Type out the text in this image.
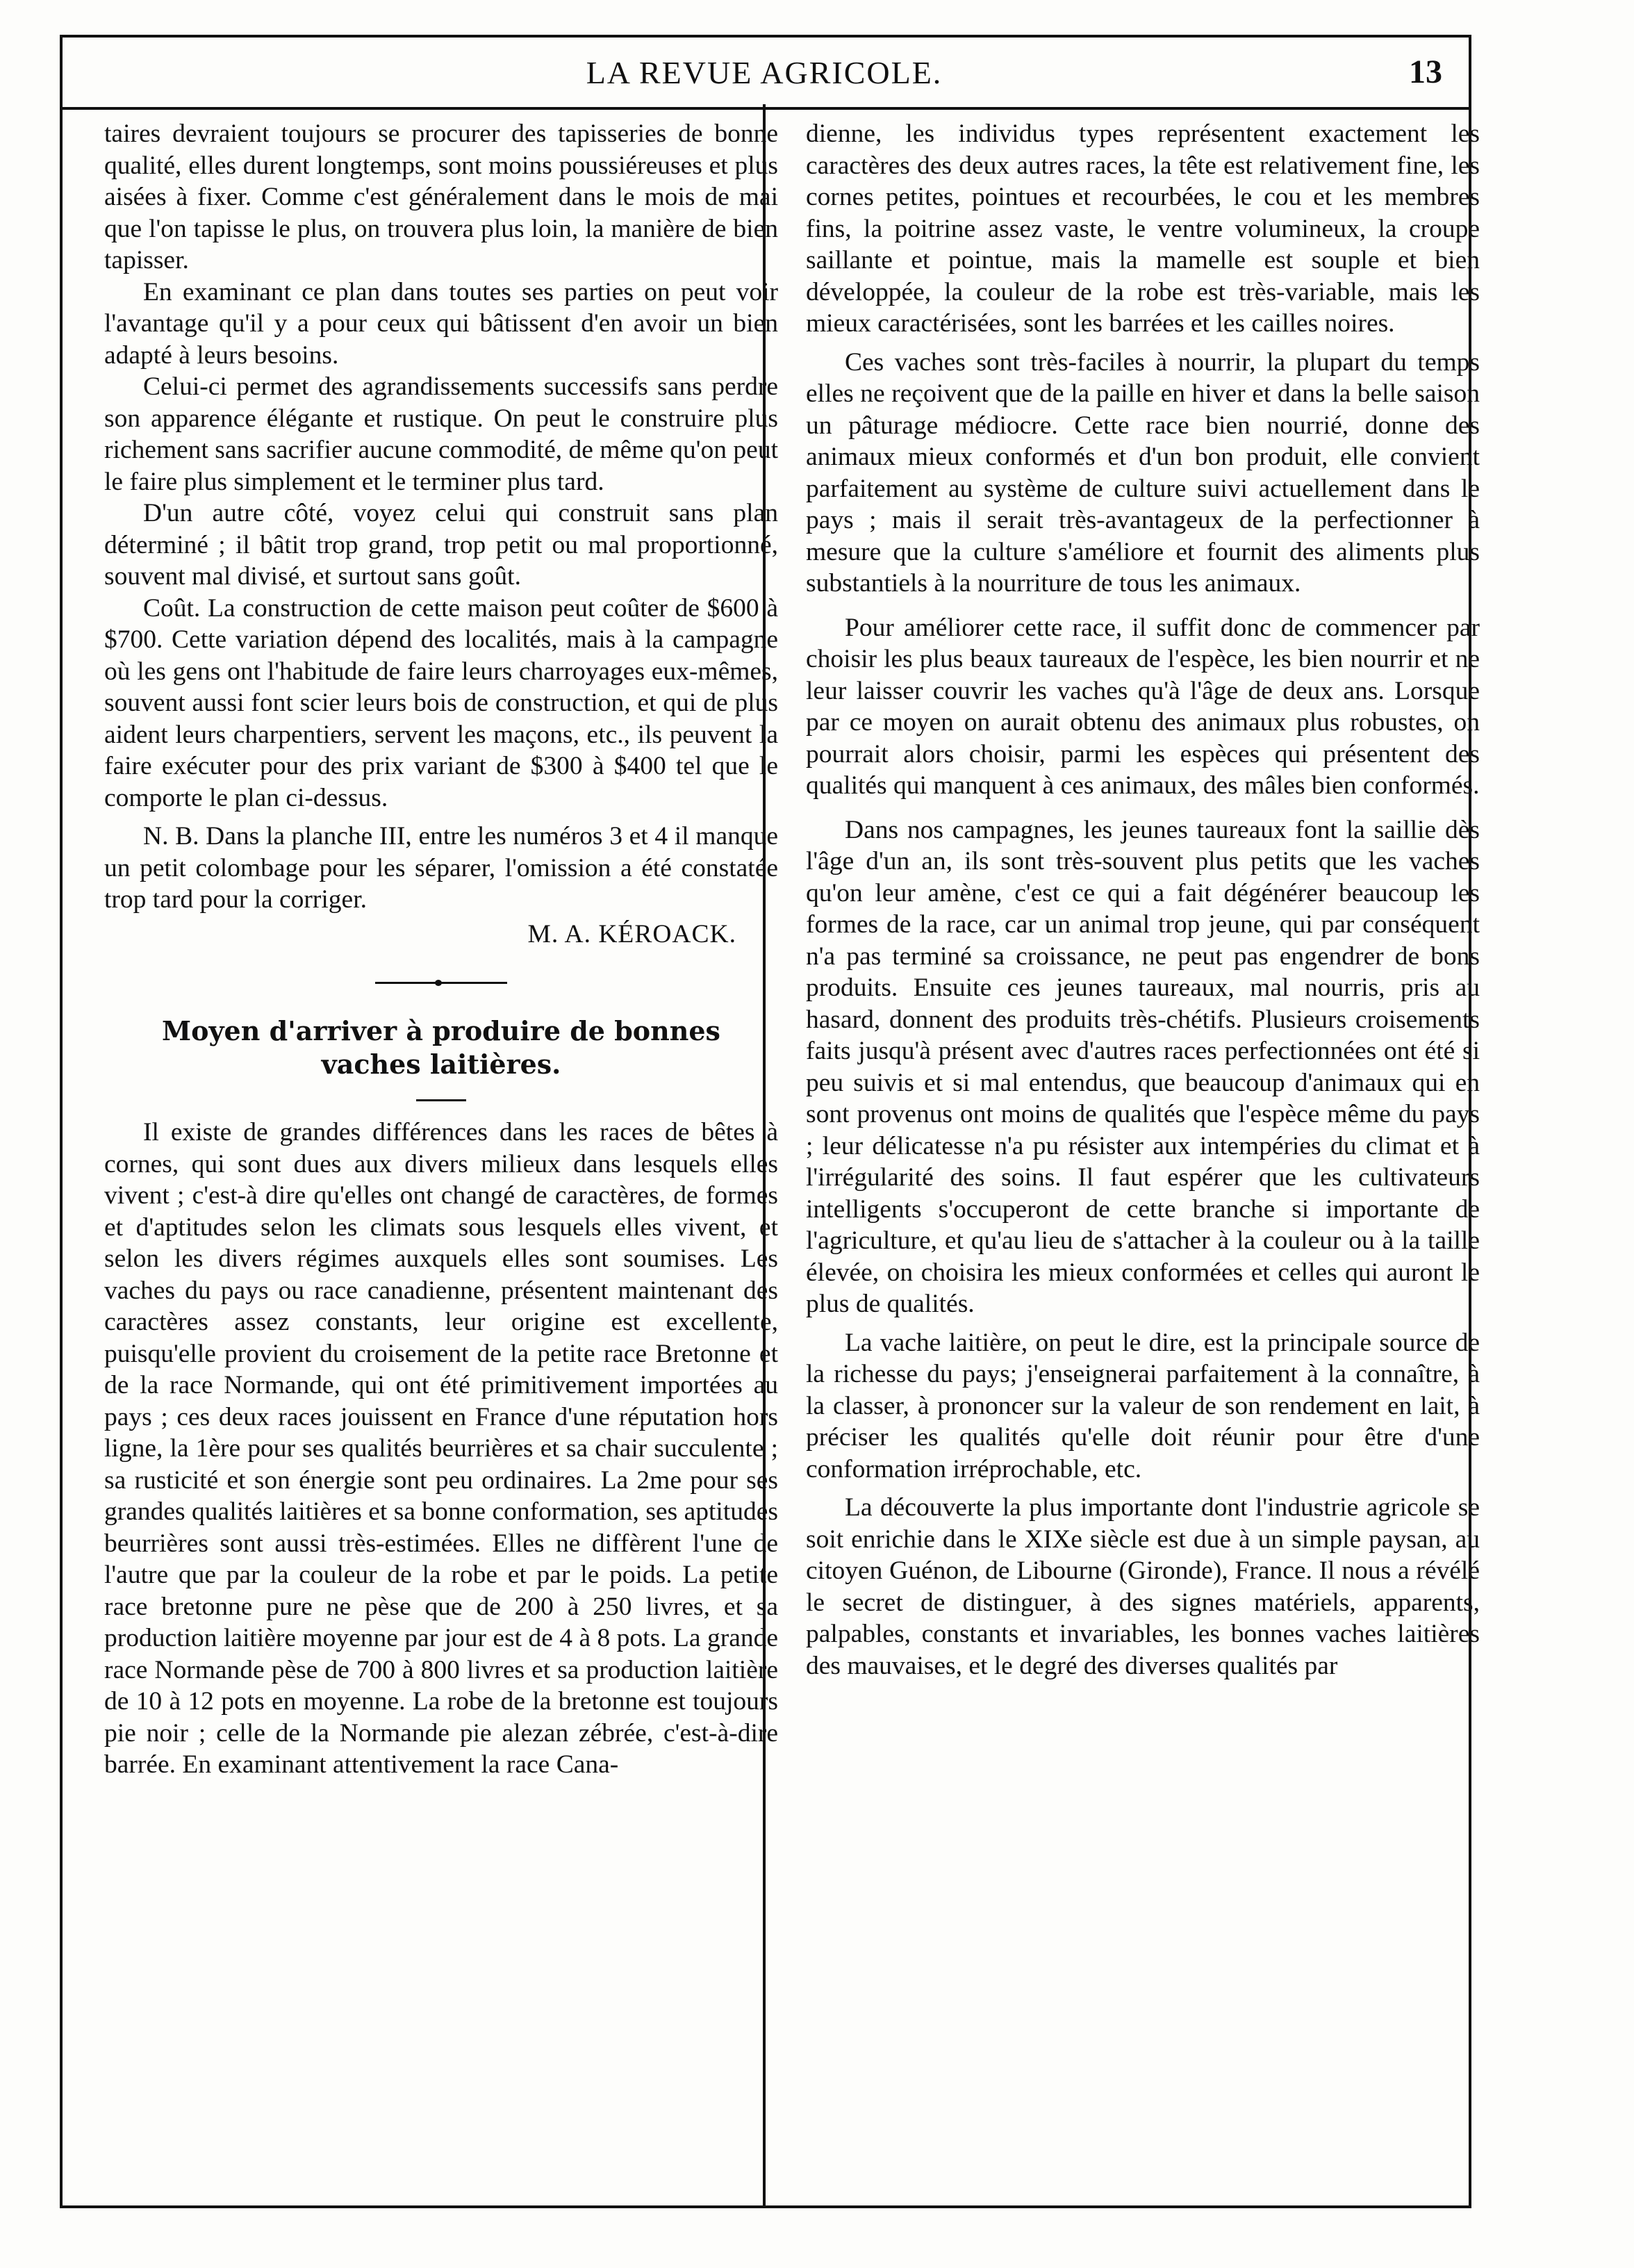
LA REVUE AGRICOLE.	13

taires devraient toujours se procurer des tapisseries de bonne qualité, elles durent longtemps, sont moins poussiéreuses et plus aisées à fixer. Comme c'est généralement dans le mois de mai que l'on tapisse le plus, on trouvera plus loin, la manière de bien tapisser.

En examinant ce plan dans toutes ses parties on peut voir l'avantage qu'il y a pour ceux qui bâtissent d'en avoir un bien adapté à leurs besoins.

Celui-ci permet des agrandissements successifs sans perdre son apparence élégante et rustique. On peut le construire plus richement sans sacrifier aucune commodité, de même qu'on peut le faire plus simplement et le terminer plus tard.

D'un autre côté, voyez celui qui construit sans plan déterminé ; il bâtit trop grand, trop petit ou mal proportionné, souvent mal divisé, et surtout sans goût.

Coût. La construction de cette maison peut coûter de $600 à $700. Cette variation dépend des localités, mais à la campagne où les gens ont l'habitude de faire leurs charroyages eux-mêmes, souvent aussi font scier leurs bois de construction, et qui de plus aident leurs charpentiers, servent les maçons, etc., ils peuvent la faire exécuter pour des prix variant de $300 à $400 tel que le comporte le plan ci-dessus.

N. B. Dans la planche III, entre les numéros 3 et 4 il manque un petit colombage pour les séparer, l'omission a été constatée trop tard pour la corriger.

M. A. KÉROACK.
Moyen d'arriver à produire de bonnes vaches laitières.

Il existe de grandes différences dans les races de bêtes à cornes, qui sont dues aux divers milieux dans lesquels elles vivent ; c'est-à dire qu'elles ont changé de caractères, de formes et d'aptitudes selon les climats sous lesquels elles vivent, et selon les divers régimes auxquels elles sont soumises. Les vaches du pays ou race canadienne, présentent maintenant des caractères assez constants, leur origine est excellente, puisqu'elle provient du croisement de la petite race Bretonne et de la race Normande, qui ont été primitivement importées au pays ; ces deux races jouissent en France d'une réputation hors ligne, la 1ère pour ses qualités beurrières et sa chair succulente ; sa rusticité et son énergie sont peu ordinaires. La 2me pour ses grandes qualités laitières et sa bonne conformation, ses aptitudes beurrières sont aussi très-estimées. Elles ne diffèrent l'une de l'autre que par la couleur de la robe et par le poids. La petite race bretonne pure ne pèse que de 200 à 250 livres, et sa production laitière moyenne par jour est de 4 à 8 pots. La grande race Normande pèse de 700 à 800 livres et sa production laitière de 10 à 12 pots en moyenne. La robe de la bretonne est toujours pie noir ; celle de la Normande pie alezan zébrée, c'est-à-dire barrée. En examinant attentivement la race Cana-

dienne, les individus types représentent exactement les caractères des deux autres races, la tête est relativement fine, les cornes petites, pointues et recourbées, le cou et les membres fins, la poitrine assez vaste, le ventre volumineux, la croupe saillante et pointue, mais la mamelle est souple et bien développée, la couleur de la robe est très-variable, mais les mieux caractérisées, sont les barrées et les cailles noires.

Ces vaches sont très-faciles à nourrir, la plupart du temps elles ne reçoivent que de la paille en hiver et dans la belle saison un pâturage médiocre. Cette race bien nourrié, donne des animaux mieux conformés et d'un bon produit, elle convient parfaitement au système de culture suivi actuellement dans le pays ; mais il serait très-avantageux de la perfectionner à mesure que la culture s'améliore et fournit des aliments plus substantiels à la nourriture de tous les animaux.

Pour améliorer cette race, il suffit donc de commencer par choisir les plus beaux taureaux de l'espèce, les bien nourrir et ne leur laisser couvrir les vaches qu'à l'âge de deux ans. Lorsque par ce moyen on aurait obtenu des animaux plus robustes, on pourrait alors choisir, parmi les espèces qui présentent des qualités qui manquent à ces animaux, des mâles bien conformés.

Dans nos campagnes, les jeunes taureaux font la saillie dès l'âge d'un an, ils sont très-souvent plus petits que les vaches qu'on leur amène, c'est ce qui a fait dégénérer beaucoup les formes de la race, car un animal trop jeune, qui par conséquent n'a pas terminé sa croissance, ne peut pas engendrer de bons produits. Ensuite ces jeunes taureaux, mal nourris, pris au hasard, donnent des produits très-chétifs. Plusieurs croisements faits jusqu'à présent avec d'autres races perfectionnées ont été si peu suivis et si mal entendus, que beaucoup d'animaux qui en sont provenus ont moins de qualités que l'espèce même du pays ; leur délicatesse n'a pu résister aux intempéries du climat et à l'irrégularité des soins. Il faut espérer que les cultivateurs intelligents s'occuperont de cette branche si importante de l'agriculture, et qu'au lieu de s'attacher à la couleur ou à la taille élevée, on choisira les mieux conformées et celles qui auront le plus de qualités.

La vache laitière, on peut le dire, est la principale source de la richesse du pays; j'enseignerai parfaitement à la connaître, à la classer, à prononcer sur la valeur de son rendement en lait, à préciser les qualités qu'elle doit réunir pour être d'une conformation irréprochable, etc.

La découverte la plus importante dont l'industrie agricole se soit enrichie dans le XIXe siècle est due à un simple paysan, au citoyen Guénon, de Libourne (Gironde), France. Il nous a révélé le secret de distinguer, à des signes matériels, apparents, palpables, constants et invariables, les bonnes vaches laitières des mauvaises, et le degré des diverses qualités par
